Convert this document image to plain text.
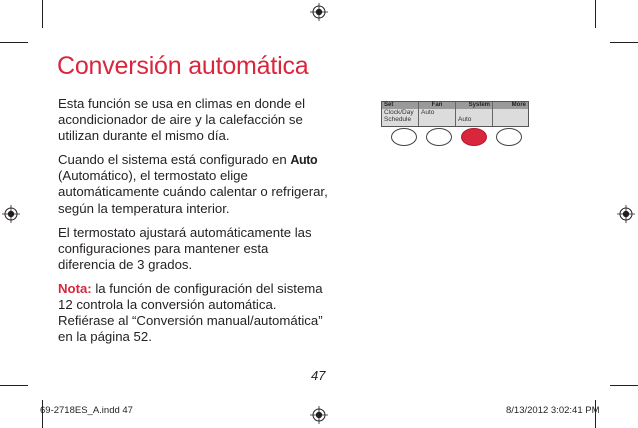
Conversión automática

Esta función se usa en climas en donde el acondicionador de aire y la calefacción se utilizan durante el mismo día.

Cuando el sistema está configurado en Auto (Automático), el termostato elige automáticamente cuándo calentar o refrigerar, según la temperatura interior.

El termostato ajustará automáticamente las configuraciones para mantener esta diferencia de 3 grados.

Nota: la función de configuración del sistema 12 controla la conversión automática. Refiérase al “Conversión manual/automática” en la página 52.

Set
Clock/Day
Schedule
Fan
Auto
System
Auto
More
47
69-2718ES_A.indd 47	8/13/2012 3:02:41 PM
